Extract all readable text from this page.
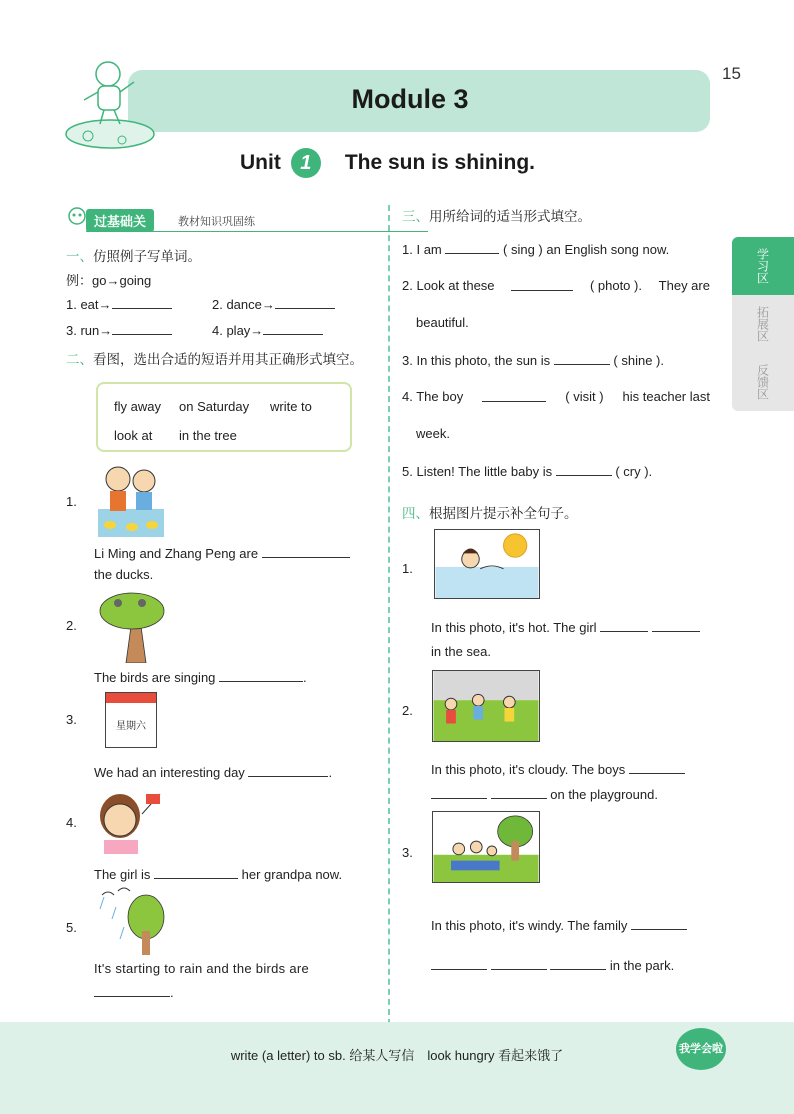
15
Module 3
Unit 1	The sun is shining.
学习区
拓展区
反馈区
过基础关	教材知识巩固练
一、仿照例子写单词。
例：go→going
1. eat→	2. dance→
3. run→	4. play→
二、看图，选出合适的短语并用其正确形式填空。
fly away on Saturday write to
look at in the tree
1.
Li Ming and Zhang Peng are
the ducks.
2.
The birds are singing	.
3.	星期六
We had an interesting day	.
4.
The girl is	her grandpa now.
5.
It's starting to rain and the birds are
.
三、用所给词的适当形式填空。
1. I am	( sing ) an English song now.
2. Look at these	( photo ). They are
beautiful.
3. In this photo, the sun is	( shine ).
4. The boy	( visit ) his teacher last
week.
5. Listen! The little baby is	( cry ).
四、根据图片提示补全句子。
1.
In this photo, it's hot. The girl
in the sea.
2.
In this photo, it's cloudy. The boys
on the playground.
3.
In this photo, it's windy. The family
in the park.
write (a letter) to sb. 给某人写信　look hungry 看起来饿了	我学会啦
